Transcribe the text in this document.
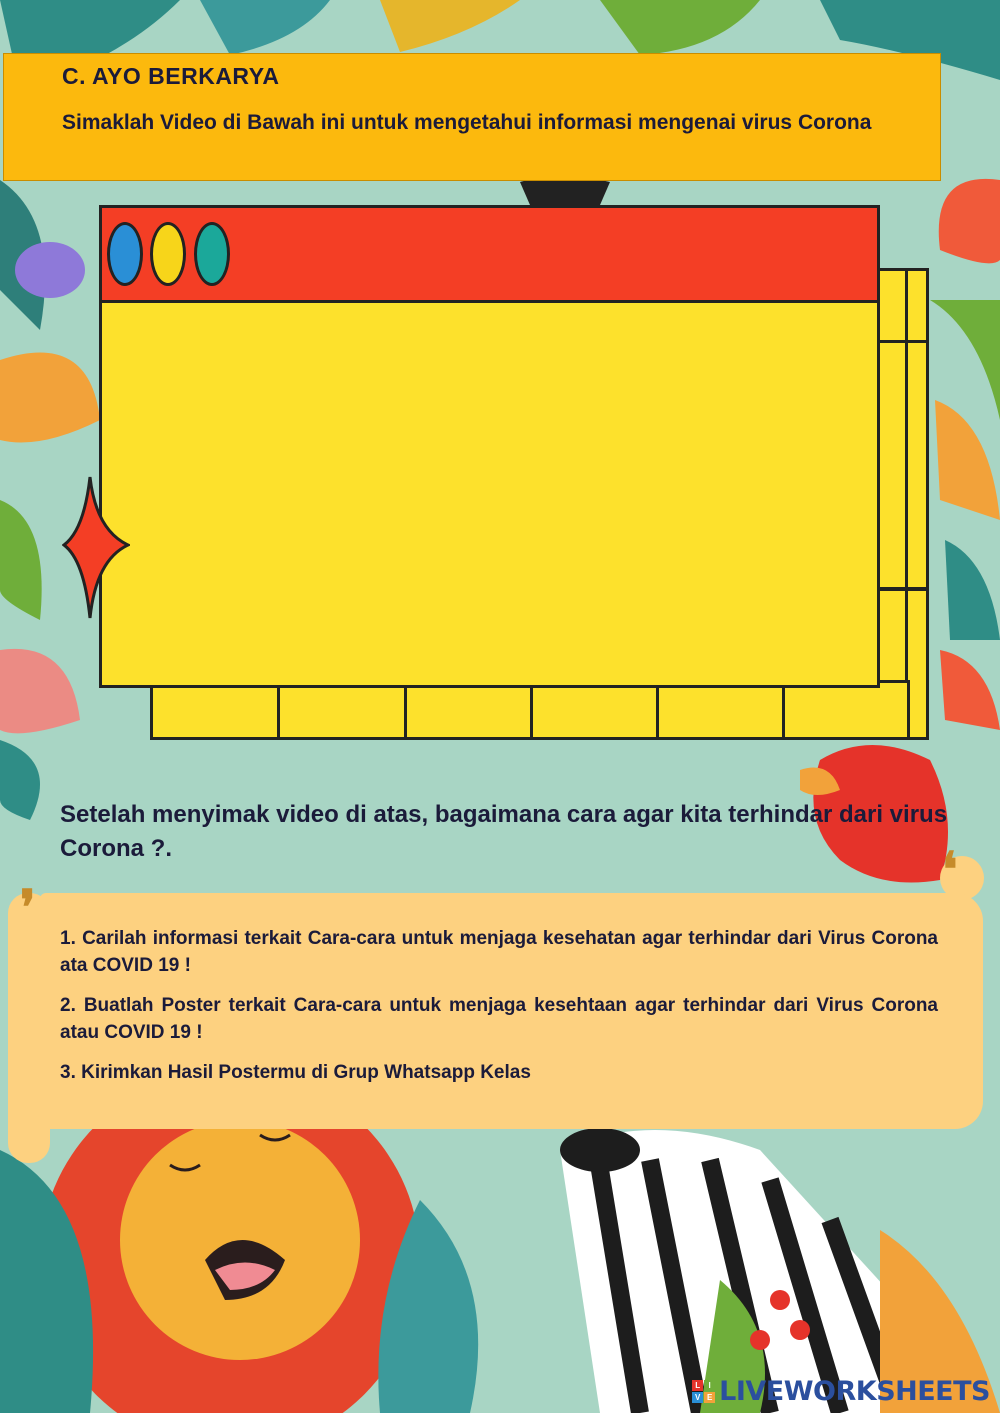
C. AYO BERKARYA
Simaklah Video di Bawah ini untuk mengetahui informasi mengenai virus Corona
Setelah menyimak video di atas, bagaimana cara agar kita terhindar dari virus Corona ?.
❜
❛
1. Carilah informasi terkait Cara-cara untuk menjaga kesehatan agar terhindar dari Virus Corona ata COVID 19 !
2. Buatlah Poster terkait Cara-cara untuk menjaga kesehtaan agar terhindar dari Virus Corona atau COVID 19 !
3. Kirimkan Hasil Postermu di Grup Whatsapp Kelas
L	I
V E LIVEWORKSHEETS
